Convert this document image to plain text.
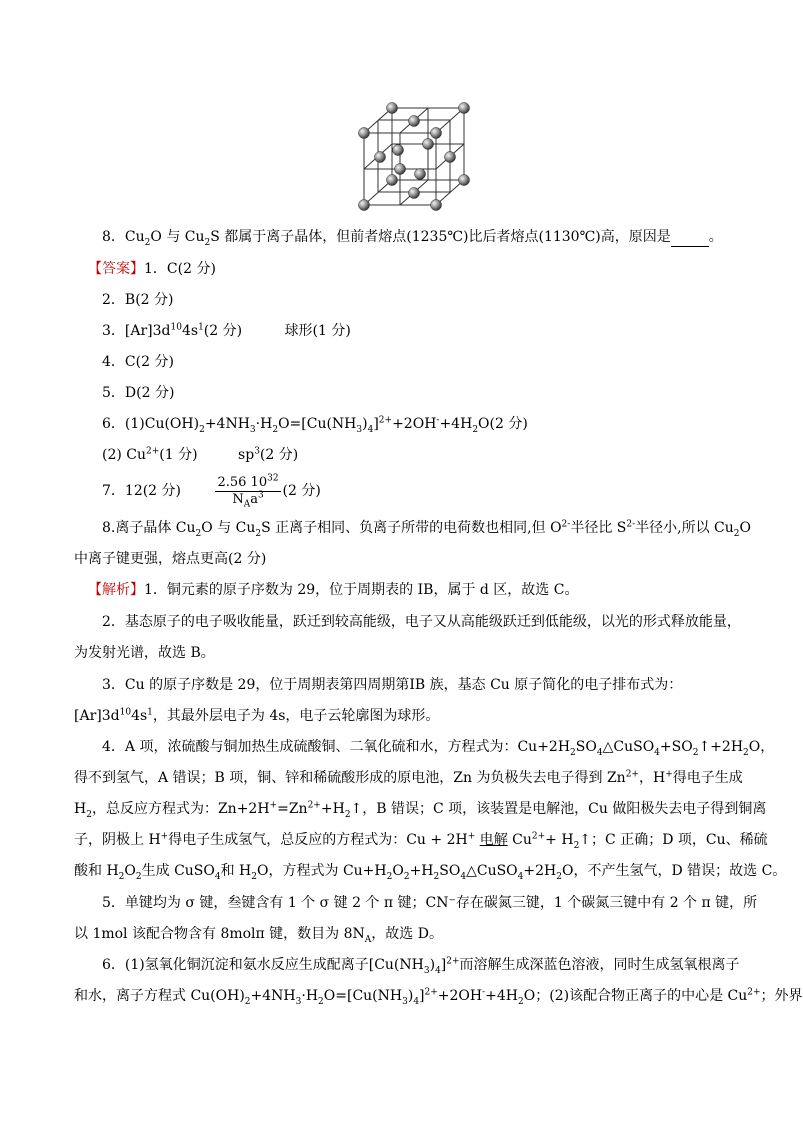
8．$Cu_2O$ 与 $Cu_2S$ 都属于离子晶体，但前者熔点(1235℃)比后者熔点(1130℃)高，原因是	。
【答案】1．C(2 分)
2．B(2 分)
3．$[Ar]3d^{10}4s^1(2$ 分)	球形(1 分)
4．C(2 分)
5．D(2 分)
6．$(1)Cu(OH)_2+4NH_3\cdot H_2O=[Cu(NH_3)_4]^{2+}+2OH^-+4H_2O(2$ 分)
(2) $Cu^{2+}(1$ 分)	$sp^3(2$ 分)
7．12(2 分)	$\frac{2.56 10^{32}}{N_Aa^3} (2$ 分)
8.离子晶体 $Cu_2O$ 与 $Cu_2S$ 正离子相同、负离子所带的电荷数也相同,但 $O^{2-}$半径比 $S^{2-}$半径小,所以 $Cu_2O$
中离子键更强，熔点更高(2 分)
【解析】1．铜元素的原子序数为 29，位于周期表的 IB，属于 d 区，故选 C。
2．基态原子的电子吸收能量，跃迁到较高能级，电子又从高能级跃迁到低能级，以光的形式释放能量，
为发射光谱，故选 B。
3．Cu 的原子序数是 29，位于周期表第四周期第ⅠB 族，基态 Cu 原子简化的电子排布式为：
$[Ar]3d^{10}4s^1$，其最外层电子为 4s，电子云轮廓图为球形。
4．A 项，浓硫酸与铜加热生成硫酸铜、二氧化硫和水，方程式为：$Cu+2H_2SO_4\triangle CuSO_4+SO_2↑+2H_2O$，
得不到氢气，A 错误；B 项，铜、锌和稀硫酸形成的原电池，Zn 为负极失去电子得到 $Zn^{2+}$，H+得电子生成
$H_2$，总反应方程式为：$Zn+2H^+=Zn^{2+}+H_2↑$，B 错误；C 项，该装置是电解池，Cu 做阳极失去电子得到铜离
子，阴极上 H+得电子生成氢气，总反应的方程式为：Cu + 2H+ 电解 $Cu^{2+}+$ $H_2↑$；C 正确；D 项，Cu、稀硫
酸和 $H_2O_2$生成 CuSO$_4$和 $H_2O$，方程式为 $Cu+H_2O_2+H_2SO_4\triangle CuSO_4+2H_2O$，不产生氢气，D 错误；故选 C。
5．单键均为 σ 键，叁键含有 1 个 σ 键 2 个 π 键；CN⁻存在碳氮三键，1 个碳氮三键中有 2 个 π 键，所
以 1mol 该配合物含有 8molπ 键，数目为 $8N_A$，故选 D。
6．(1)氢氧化铜沉淀和氨水反应生成配离子$[Cu(NH_3)_4]^{2+}$而溶解生成深蓝色溶液，同时生成氢氧根离子
和水，离子方程式 $Cu(OH)_2+4NH_3\cdot H_2O=[Cu(NH_3)_4]^{2+}+2OH^-+4H_2O$；(2)该配合物正离子的中心是 $Cu^{2+}$；外界
